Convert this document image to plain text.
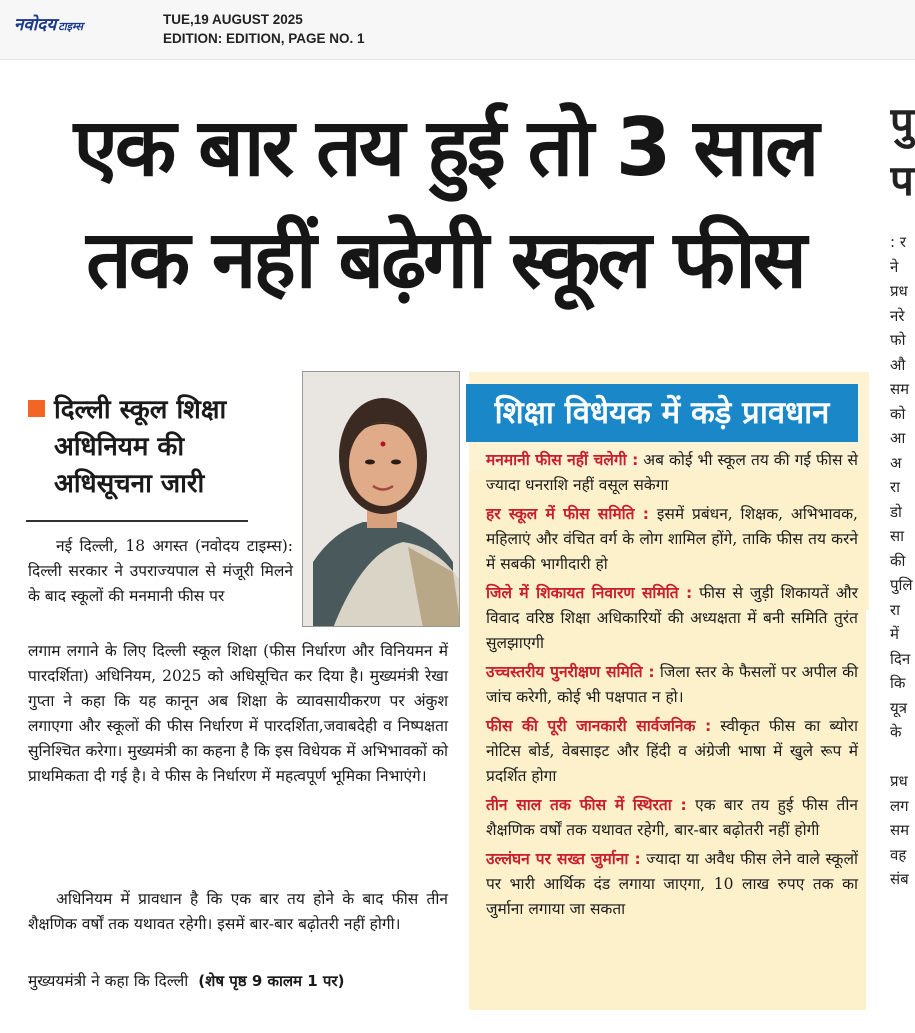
नवोदय टाइम्स	TUE,19 AUGUST 2025
EDITION: EDITION, PAGE NO. 1
एक बार तय हुई तो 3 साल
तक नहीं बढ़ेगी स्कूल फीस
पु
प
: र
ने
प्रध
नरे
फो
औ
सम
को
आ
अ
रा
डो
सा
की
पुलि
रा
में
दिन
कि
यूत्र
के

प्रध
लग
सम
वह
संब
दिल्ली स्कूल शिक्षा अधिनियम की अधिसूचना जारी
नई दिल्ली, 18 अगस्त (नवोदय टाइम्स): दिल्ली सरकार ने उपराज्यपाल से मंजूरी मिलने के बाद स्कूलों की मनमानी फीस पर
लगाम लगाने के लिए दिल्ली स्कूल शिक्षा (फीस निर्धारण और विनियमन में पारदर्शिता) अधिनियम, 2025 को अधिसूचित कर दिया है। मुख्यमंत्री रेखा गुप्ता ने कहा कि यह कानून अब शिक्षा के व्यावसायीकरण पर अंकुश लगाएगा और स्कूलों की फीस निर्धारण में पारदर्शिता,जवाबदेही व निष्पक्षता सुनिश्चित करेगा। मुख्यमंत्री का कहना है कि इस विधेयक में अभिभावकों को प्राथमिकता दी गई है। वे फीस के निर्धारण में महत्वपूर्ण भूमिका निभाएंगे।
अधिनियम में प्रावधान है कि एक बार तय होने के बाद फीस तीन शैक्षणिक वर्षों तक यथावत रहेगी। इसमें बार-बार बढ़ोतरी नहीं होगी।
मुख्ययमंत्री ने कहा कि दिल्ली (शेष पृष्ठ 9 कालम 1 पर)
शिक्षा विधेयक में कड़े प्रावधान

मनमानी फीस नहीं चलेगी : अब कोई भी स्कूल तय की गई फीस से ज्यादा धनराशि नहीं वसूल सकेगा

हर स्कूल में फीस समिति : इसमें प्रबंधन, शिक्षक, अभिभावक, महिलाएं और वंचित वर्ग के लोग शामिल होंगे, ताकि फीस तय करने में सबकी भागीदारी हो

जिले में शिकायत निवारण समिति : फीस से जुड़ी शिकायतें और विवाद वरिष्ठ शिक्षा अधिकारियों की अध्यक्षता में बनी समिति तुरंत सुलझाएगी

उच्चस्तरीय पुनरीक्षण समिति : जिला स्तर के फैसलों पर अपील की जांच करेगी, कोई भी पक्षपात न हो।

फीस की पूरी जानकारी सार्वजनिक : स्वीकृत फीस का ब्योरा नोटिस बोर्ड, वेबसाइट और हिंदी व अंग्रेजी भाषा में खुले रूप में प्रदर्शित होगा

तीन साल तक फीस में स्थिरता : एक बार तय हुई फीस तीन शैक्षणिक वर्षों तक यथावत रहेगी, बार-बार बढ़ोतरी नहीं होगी

उल्लंघन पर सख्त जुर्माना : ज्यादा या अवैध फीस लेने वाले स्कूलों पर भारी आर्थिक दंड लगाया जाएगा, 10 लाख रुपए तक का जुर्माना लगाया जा सकता
